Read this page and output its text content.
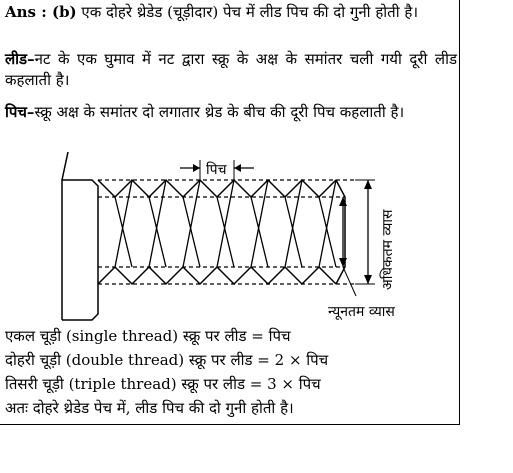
Ans : (b) एक दोहरे थ्रेडेड (चूड़ीदार) पेच में लीड पिच की दो गुनी होती है।

लीड–नट के एक घुमाव में नट द्वारा स्क्रू के अक्ष के समांतर चली गयी दूरी लीड कहलाती है।

पिच–स्क्रू अक्ष के समांतर दो लगातार थ्रेड के बीच की दूरी पिच कहलाती है।

पिच
अधिकतम व्यास
न्यूनतम व्यास

एकल चूड़ी (single thread) स्क्रू पर लीड = पिच

दोहरी चूड़ी (double thread) स्क्रू पर लीड = 2 × पिच

तिसरी चूड़ी (triple thread) स्क्रू पर लीड = 3 × पिच

अतः दोहरे थ्रेडेड पेच में, लीड पिच की दो गुनी होती है।
